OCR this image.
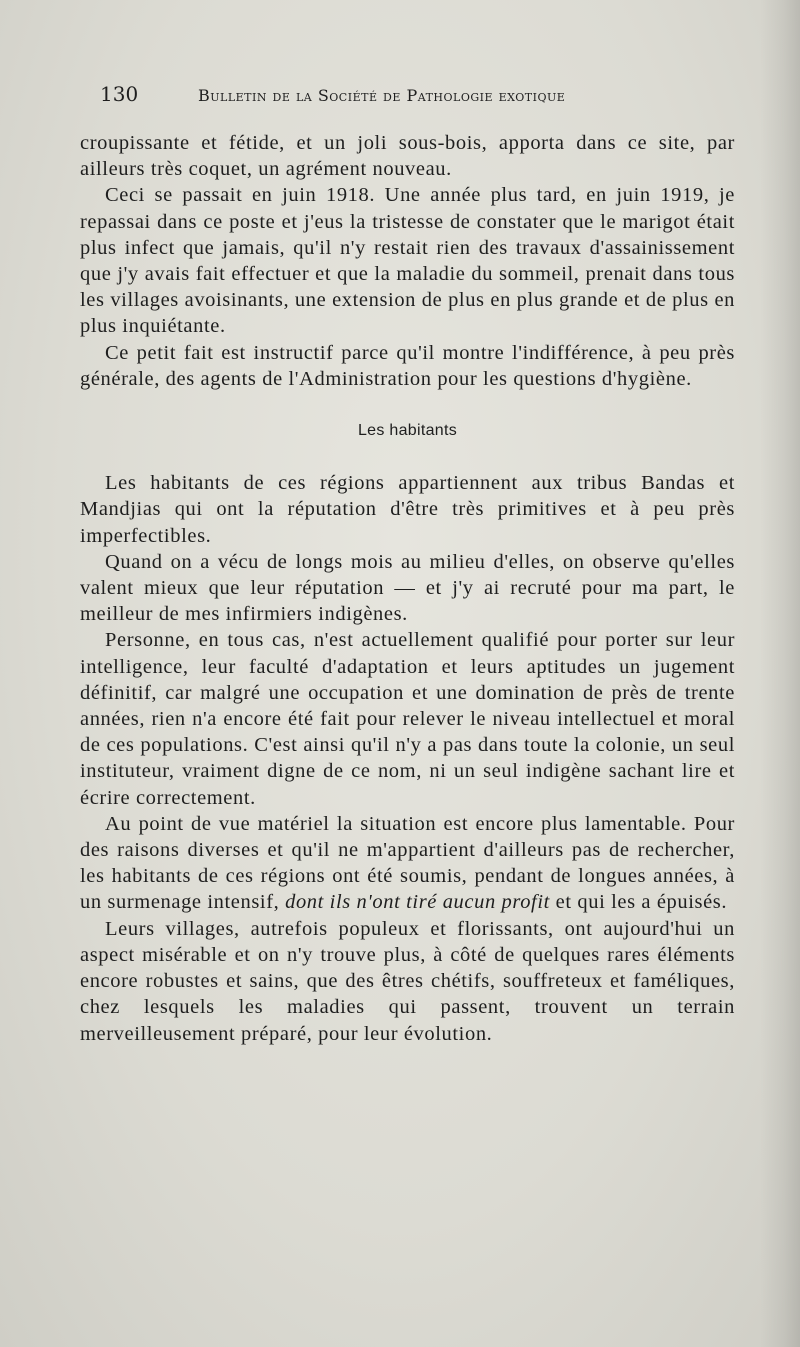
130	Bulletin de la Société de Pathologie exotique

croupissante et fétide, et un joli sous-bois, apporta dans ce site, par ailleurs très coquet, un agrément nouveau.

Ceci se passait en juin 1918. Une année plus tard, en juin 1919, je repassai dans ce poste et j'eus la tristesse de constater que le marigot était plus infect que jamais, qu'il n'y restait rien des travaux d'assainissement que j'y avais fait effectuer et que la maladie du sommeil, prenait dans tous les villages avoisinants, une extension de plus en plus grande et de plus en plus inquiétante.

Ce petit fait est instructif parce qu'il montre l'indifférence, à peu près générale, des agents de l'Administration pour les questions d'hygiène.

Les habitants

Les habitants de ces régions appartiennent aux tribus Bandas et Mandjias qui ont la réputation d'être très primitives et à peu près imperfectibles.

Quand on a vécu de longs mois au milieu d'elles, on observe qu'elles valent mieux que leur réputation — et j'y ai recruté pour ma part, le meilleur de mes infirmiers indigènes.

Personne, en tous cas, n'est actuellement qualifié pour porter sur leur intelligence, leur faculté d'adaptation et leurs aptitudes un jugement définitif, car malgré une occupation et une domination de près de trente années, rien n'a encore été fait pour relever le niveau intellectuel et moral de ces populations. C'est ainsi qu'il n'y a pas dans toute la colonie, un seul instituteur, vraiment digne de ce nom, ni un seul indigène sachant lire et écrire correctement.

Au point de vue matériel la situation est encore plus lamentable. Pour des raisons diverses et qu'il ne m'appartient d'ailleurs pas de rechercher, les habitants de ces régions ont été soumis, pendant de longues années, à un surmenage intensif, dont ils n'ont tiré aucun profit et qui les a épuisés.

Leurs villages, autrefois populeux et florissants, ont aujourd'hui un aspect misérable et on n'y trouve plus, à côté de quelques rares éléments encore robustes et sains, que des êtres chétifs, souffreteux et faméliques, chez lesquels les maladies qui passent, trouvent un terrain merveilleusement préparé, pour leur évolution.
